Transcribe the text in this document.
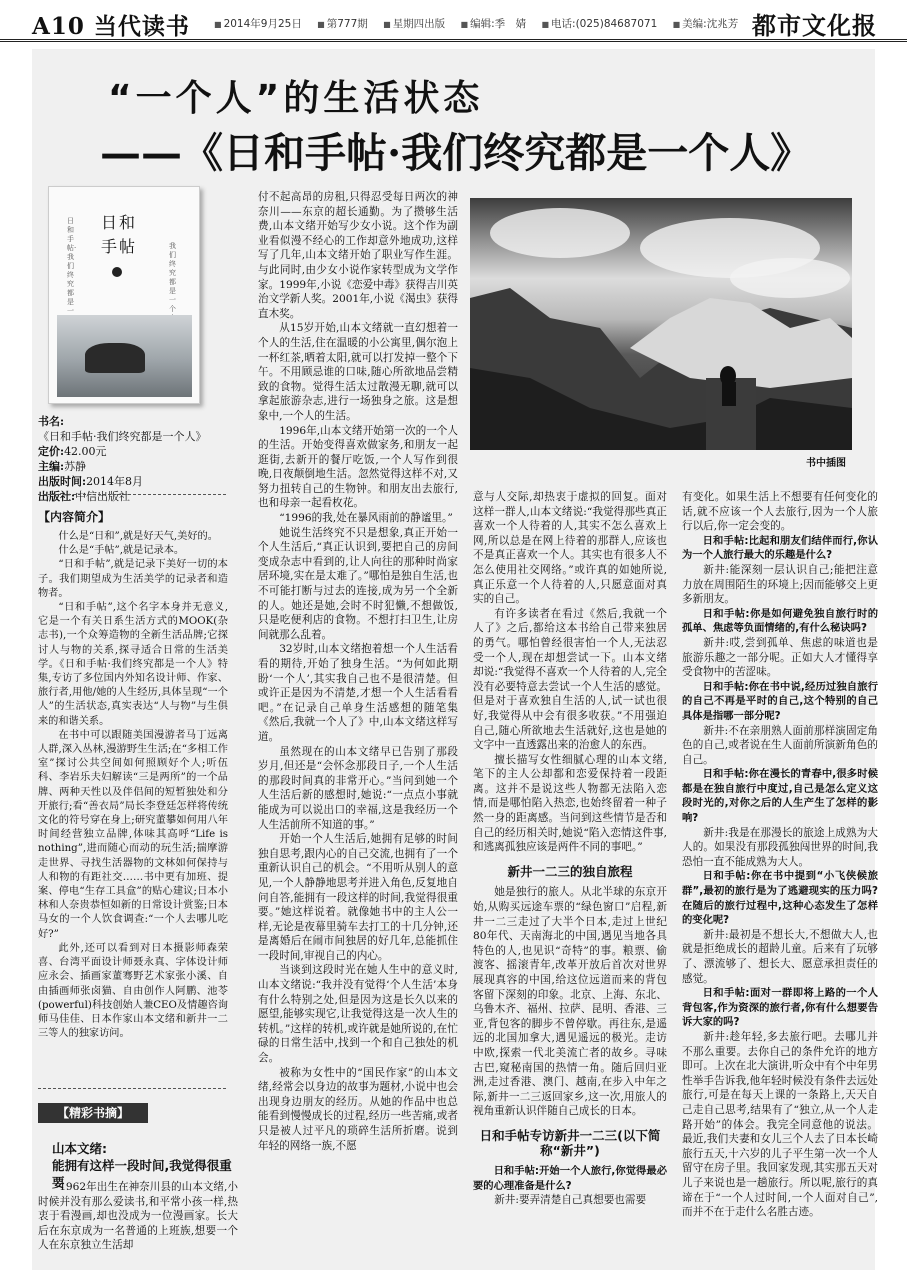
A10 当代读书	■ 2014年9月25日 ■ 第777期 ■ 星期四出版 ■ 编辑:季　婧 ■ 电话:(025)84687071 ■ 美编:沈兆芳 都市文化报
“一个人”的生活状态
——《日和手帖·我们终究都是一个人》
日和手帖·我们终究都是一
日和手帖	我们终究都是一个
书名:《日和手帖·我们终究都是一个人》
定价:42.00元
主编:苏静
出版时间:2014年8月
出版社:中信出版社
【内容简介】

什么是“日和”,就是好天气,美好的。

什么是“手帖”,就是记录本。

“日和手帖”,就是记录下美好一切的本子。我们期望成为生活美学的记录者和造物者。

“日和手帖”,这个名字本身并无意义,它是一个有关日系生活方式的MOOK(杂志书),一个众筹造物的全新生活品牌;它探讨人与物的关系,探寻适合日常的生活美学。《日和手帖·我们终究都是一个人》特集,专访了多位国内外知名设计师、作家、旅行者,用他/她的人生经历,具体呈现“一个人”的生活状态,真实表达“人与物”与生俱来的和谐关系。

在书中可以跟随美国漫游者马丁远离人群,深入丛林,漫游野生生活;在“多相工作室”探讨公共空间如何照顾好个人;听伍科、李岩乐夫妇解读“三是两所”的一个品牌、两种天性以及伴侣间的短暂独处和分开旅行;看“善衣局”局长李登廷怎样将传统文化的符号穿在身上;研究董攀如何用八年时间经营独立品牌,体味其高呼“Life is nothing”,进而随心而动的玩生活;揣摩游走世界、寻找生活器物的文林如何保持与人和物的有距社交……书中更有加班、提案、停电“生存工具盒”的贴心建议;日本小林和人奈贵恭恒如新的日常设计赏鉴;日本马女的一个人饮食调查:“一个人去哪儿吃好?”

此外,还可以看到对日本摄影师森荣喜、台湾平面设计师聂永真、字体设计师应永会、插画家董骞野艺术家张小溪、自由插画师张卤猫、自由创作人阿鹏、池苓(powerful)科技创始人兼CEO及情趣咨询师马佳佳、日本作家山本文绪和新井一二三等人的独家访问。

【精彩书摘】
山本文绪:
能拥有这样一段时间,我觉得很重要

1962年出生在神奈川县的山本文绪,小时候并没有那么爱读书,和平常小孩一样,热衷于看漫画,却也没成为一位漫画家。长大后在东京成为一名普通的上班族,想要一个人在东京独立生活却

付不起高昂的房租,只得忍受每日两次的神奈川——东京的超长通勤。为了攒够生活费,山本文绪开始写少女小说。这个作为副业看似漫不经心的工作却意外地成功,这样写了几年,山本文绪开始了职业写作生涯。与此同时,由少女小说作家转型成为文学作家。1999年,小说《恋爱中毒》获得吉川英治文学新人奖。2001年,小说《渴虫》获得直木奖。

从15岁开始,山本文绪就一直幻想着一个人的生活,住在温暖的小公寓里,偶尔泡上一杯红茶,晒着太阳,就可以打发掉一整个下午。不用顾忌谁的口味,随心所欲地品尝精致的食物。觉得生活太过散漫无聊,就可以拿起旅游杂志,进行一场独身之旅。这是想象中,一个人的生活。

1996年,山本文绪开始第一次的一个人的生活。开始变得喜欢做家务,和朋友一起逛街,去新开的餐厅吃饭,一个人写作到很晚,日夜颠倒地生活。忽然觉得这样不对,又努力扭转自己的生物钟。和朋友出去旅行,也和母亲一起看枚花。

“1996的我,处在暴风雨前的静谧里。”

她说生活终究不只是想象,真正开始一个人生活后,“真正认识到,要把自己的房间变成杂志中看到的,让人向往的那种时尚家居环境,实在是太难了。”哪怕是独自生活,也不可能打断与过去的连接,成为另一个全新的人。她还是她,会时不时犯懒,不想做饭,只是吃便利店的食物。不想打扫卫生,让房间就那么乱着。

32岁时,山本文绪抱着想一个人生活看看的期待,开始了独身生活。“为何如此期盼‘一个人’,其实我自己也不是很清楚。但或许正是因为不清楚,才想一个人生活看看吧。”在记录自己单身生活感想的随笔集《然后,我就一个人了》中,山本文绪这样写道。

虽然现在的山本文绪早已告别了那段岁月,但还是“会怀念那段日子,一个人生活的那段时间真的非常开心。”当问到她一个人生活后新的感想时,她说:“一点点小事就能成为可以说出口的幸福,这是我经历一个人生活前所不知道的事。”

开始一个人生活后,她拥有足够的时间独自思考,跟内心的自己交流,也拥有了一个重新认识自己的机会。“不用听从别人的意见,一个人静静地思考并进入角色,反复地自问自答,能拥有一段这样的时间,我觉得很重要。”她这样说着。就像她书中的主人公一样,无论是夜幕里骑车去打工的十几分钟,还是离婚后在闹市间独居的好几年,总能抓住一段时间,审视自己的内心。

当谈到这段时光在她人生中的意义时,山本文绪说:“我并没有觉得‘个人生活’本身有什么特别之处,但是因为这是长久以来的愿望,能够实现它,让我觉得这是一次人生的转机。”这样的转机,或许就是她所说的,在忙碌的日常生活中,找到一个和自己独处的机会。

被称为女性中的“国民作家”的山本文绪,经常会以身边的故事为题材,小说中也会出现身边朋友的经历。从她的作品中也总能看到慢慢成长的过程,经历一些苦痛,或者只是被人过平凡的琐碎生活所折磨。说到年轻的网络一族,不愿

书中插图

意与人交际,却热衷于虚拟的回复。面对这样一群人,山本文绪说:“我觉得那些真正喜欢一个人待着的人,其实不怎么喜欢上网,所以总是在网上待着的那群人,应该也不是真正喜欢一个人。其实也有很多人不怎么使用社交网络。”或许真的如她所说,真正乐意一个人待着的人,只愿意面对真实的自己。

有许多读者在看过《然后,我就一个人了》之后,都给这本书给自己带来独居的勇气。哪怕曾经很害怕一个人,无法忍受一个人,现在却想尝试一下。山本文绪却说:“我觉得不喜欢一个人待着的人,完全没有必要特意去尝试一个人生活的感觉。但是对于喜欢独自生活的人,试一试也很好,我觉得从中会有很多收获。”不用强迫自己,随心所欲地去生活就好,这也是她的文字中一直透露出来的治愈人的东西。

擅长描写女性细腻心理的山本文绪,笔下的主人公却都和恋爱保持着一段距离。这并不是说这些人物都无法陷入恋情,而是哪怕陷入热恋,也始终留着一种子然一身的距离感。当问到这些情节是否和自己的经历相关时,她说“陷入恋情这件事,和逃离孤独应该是两件不同的事吧。”

新井一二三的独自旅程

她是独行的旅人。从北半球的东京开始,从购买远途车票的“绿色窗口”启程,新井一二三走过了大半个日本,走过上世纪80年代、天南海北的中国,遇见当地各具特色的人,也见识“奇特”的事。粮票、偷渡客、摇滚青年,改革开放后首次对世界展现真容的中国,给这位远道而来的背包客留下深刻的印象。北京、上海、东北、乌鲁木齐、福州、拉萨、昆明、香港、三亚,背包客的脚步不曾停歇。再往东,是遥远的北国加拿大,遇见遥远的极光。走访中欧,探索一代北美流亡者的故乡。寻味古巴,窥秘南国的热情一角。随后回归亚洲,走过香港、澳门、越南,在步入中年之际,新井一二三返回家乡,这一次,用旅人的视角重新认识伴随自己成长的日本。

日和手帖专访新井一二三(以下简称“新井”)

日和手帖:开始一个人旅行,你觉得最必要的心理准备是什么?

新井:要弄清楚自己真想要也需要

有变化。如果生活上不想要有任何变化的话,就不应该一个人去旅行,因为一个人旅行以后,你一定会变的。

日和手帖:比起和朋友们结伴而行,你认为一个人旅行最大的乐趣是什么?

新井:能深刻一层认识自己;能把注意力放在周围陌生的环境上;因而能够交上更多新朋友。

日和手帖:你是如何避免独自旅行时的孤单、焦虑等负面情绪的,有什么秘诀吗?

新井:哎,尝到孤单、焦虑的味道也是旅游乐趣之一部分呢。正如大人才懂得享受食物中的苦涩味。

日和手帖:你在书中说,经历过独自旅行的自己不再是平时的自己,这个特别的自己具体是指哪一部分呢?

新井:不在亲朋熟人面前那样演固定角色的自己,或者说在生人面前所演新角色的自己。

日和手帖:你在漫长的青春中,很多时候都是在独自旅行中度过,自己是怎么定义这段时光的,对你之后的人生产生了怎样的影响?

新井:我是在那漫长的旅途上成熟为大人的。如果没有那段孤独闯世界的时间,我恐怕一直不能成熟为大人。

日和手帖:你在书中提到“小飞侠候旅群”,最初的旅行是为了逃避现实的压力吗?在随后的旅行过程中,这种心态发生了怎样的变化呢?

新井:最初是不想长大,不想做大人,也就是拒绝成长的超龄儿童。后来有了玩够了、漂流够了、想长大、愿意承担责任的感觉。

日和手帖:面对一群即将上路的一个人背包客,作为资深的旅行者,你有什么想要告诉大家的吗?

新井:趁年轻,多去旅行吧。去哪儿并不那么重要。去你自己的条件允许的地方即可。上次在北大演讲,听众中有个中年男性举手告诉我,他年轻时候没有条件去远处旅行,可是在每天上课的一条路上,天天自己走自己思考,结果有了“独立,从一个人走路开始”的体会。我完全同意他的说法。最近,我们夫妻和女儿三个人去了日本长崎旅行五天,十六岁的儿子平生第一次一个人留守在房子里。我回家发现,其实那五天对儿子来说也是一趟旅行。所以呢,旅行的真谛在于“一个人过时间,一个人面对自己”,而并不在于走什么名胜古迹。
